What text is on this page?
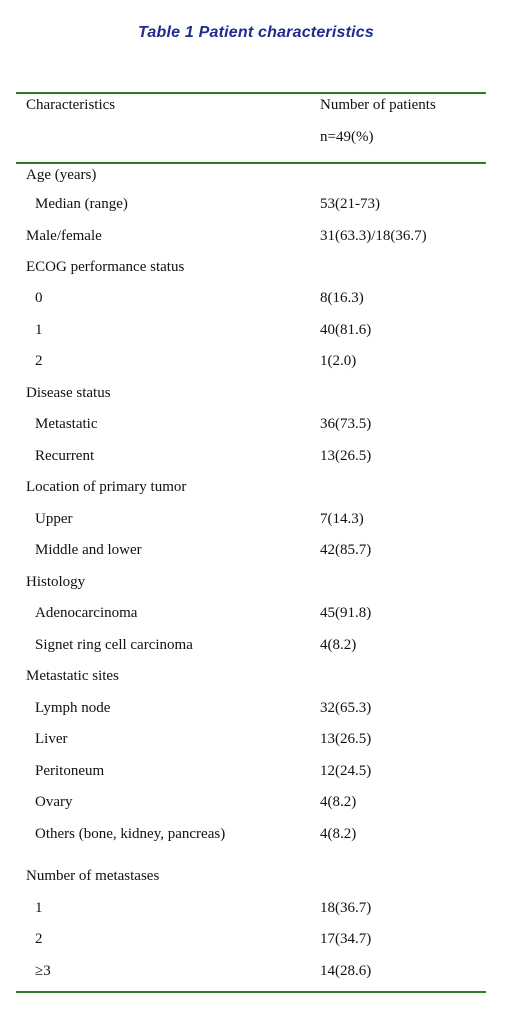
Table 1 Patient characteristics
Characteristics	Number of patients
n=49(%)
Age (years)
Median (range)	53(21-73)
Male/female	31(63.3)/18(36.7)
ECOG performance status
0	8(16.3)
1	40(81.6)
2	1(2.0)
Disease status
Metastatic	36(73.5)
Recurrent	13(26.5)
Location of primary tumor
Upper	7(14.3)
Middle and lower	42(85.7)
Histology
Adenocarcinoma	45(91.8)
Signet ring cell carcinoma	4(8.2)
Metastatic sites
Lymph node	32(65.3)
Liver	13(26.5)
Peritoneum	12(24.5)
Ovary	4(8.2)
Others (bone, kidney, pancreas)	4(8.2)
Number of metastases
1	18(36.7)
2	17(34.7)
≥3	14(28.6)
